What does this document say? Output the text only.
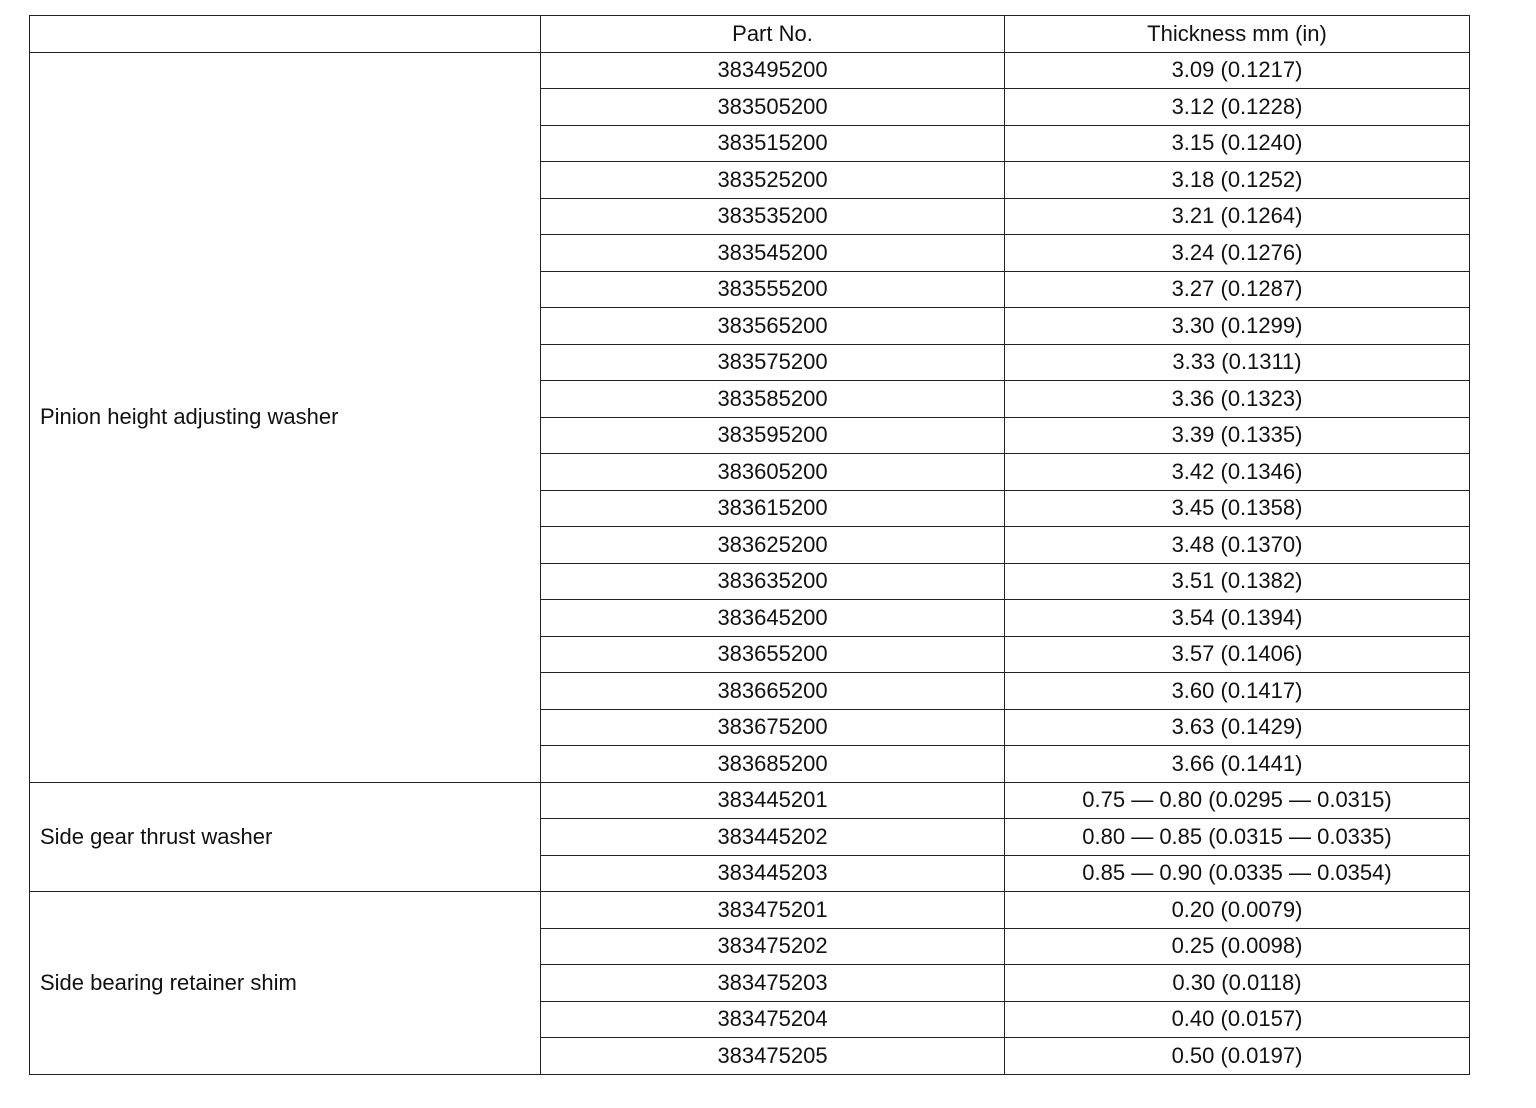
	Part No.	Thickness mm (in)
Pinion height adjusting washer	383495200	3.09 (0.1217)
	383505200	3.12 (0.1228)
	383515200	3.15 (0.1240)
	383525200	3.18 (0.1252)
	383535200	3.21 (0.1264)
	383545200	3.24 (0.1276)
	383555200	3.27 (0.1287)
	383565200	3.30 (0.1299)
	383575200	3.33 (0.1311)
	383585200	3.36 (0.1323)
	383595200	3.39 (0.1335)
	383605200	3.42 (0.1346)
	383615200	3.45 (0.1358)
	383625200	3.48 (0.1370)
	383635200	3.51 (0.1382)
	383645200	3.54 (0.1394)
	383655200	3.57 (0.1406)
	383665200	3.60 (0.1417)
	383675200	3.63 (0.1429)
	383685200	3.66 (0.1441)
Side gear thrust washer	383445201	0.75 — 0.80 (0.0295 — 0.0315)
	383445202	0.80 — 0.85 (0.0315 — 0.0335)
	383445203	0.85 — 0.90 (0.0335 — 0.0354)
Side bearing retainer shim	383475201	0.20 (0.0079)
	383475202	0.25 (0.0098)
	383475203	0.30 (0.0118)
	383475204	0.40 (0.0157)
	383475205	0.50 (0.0197)
